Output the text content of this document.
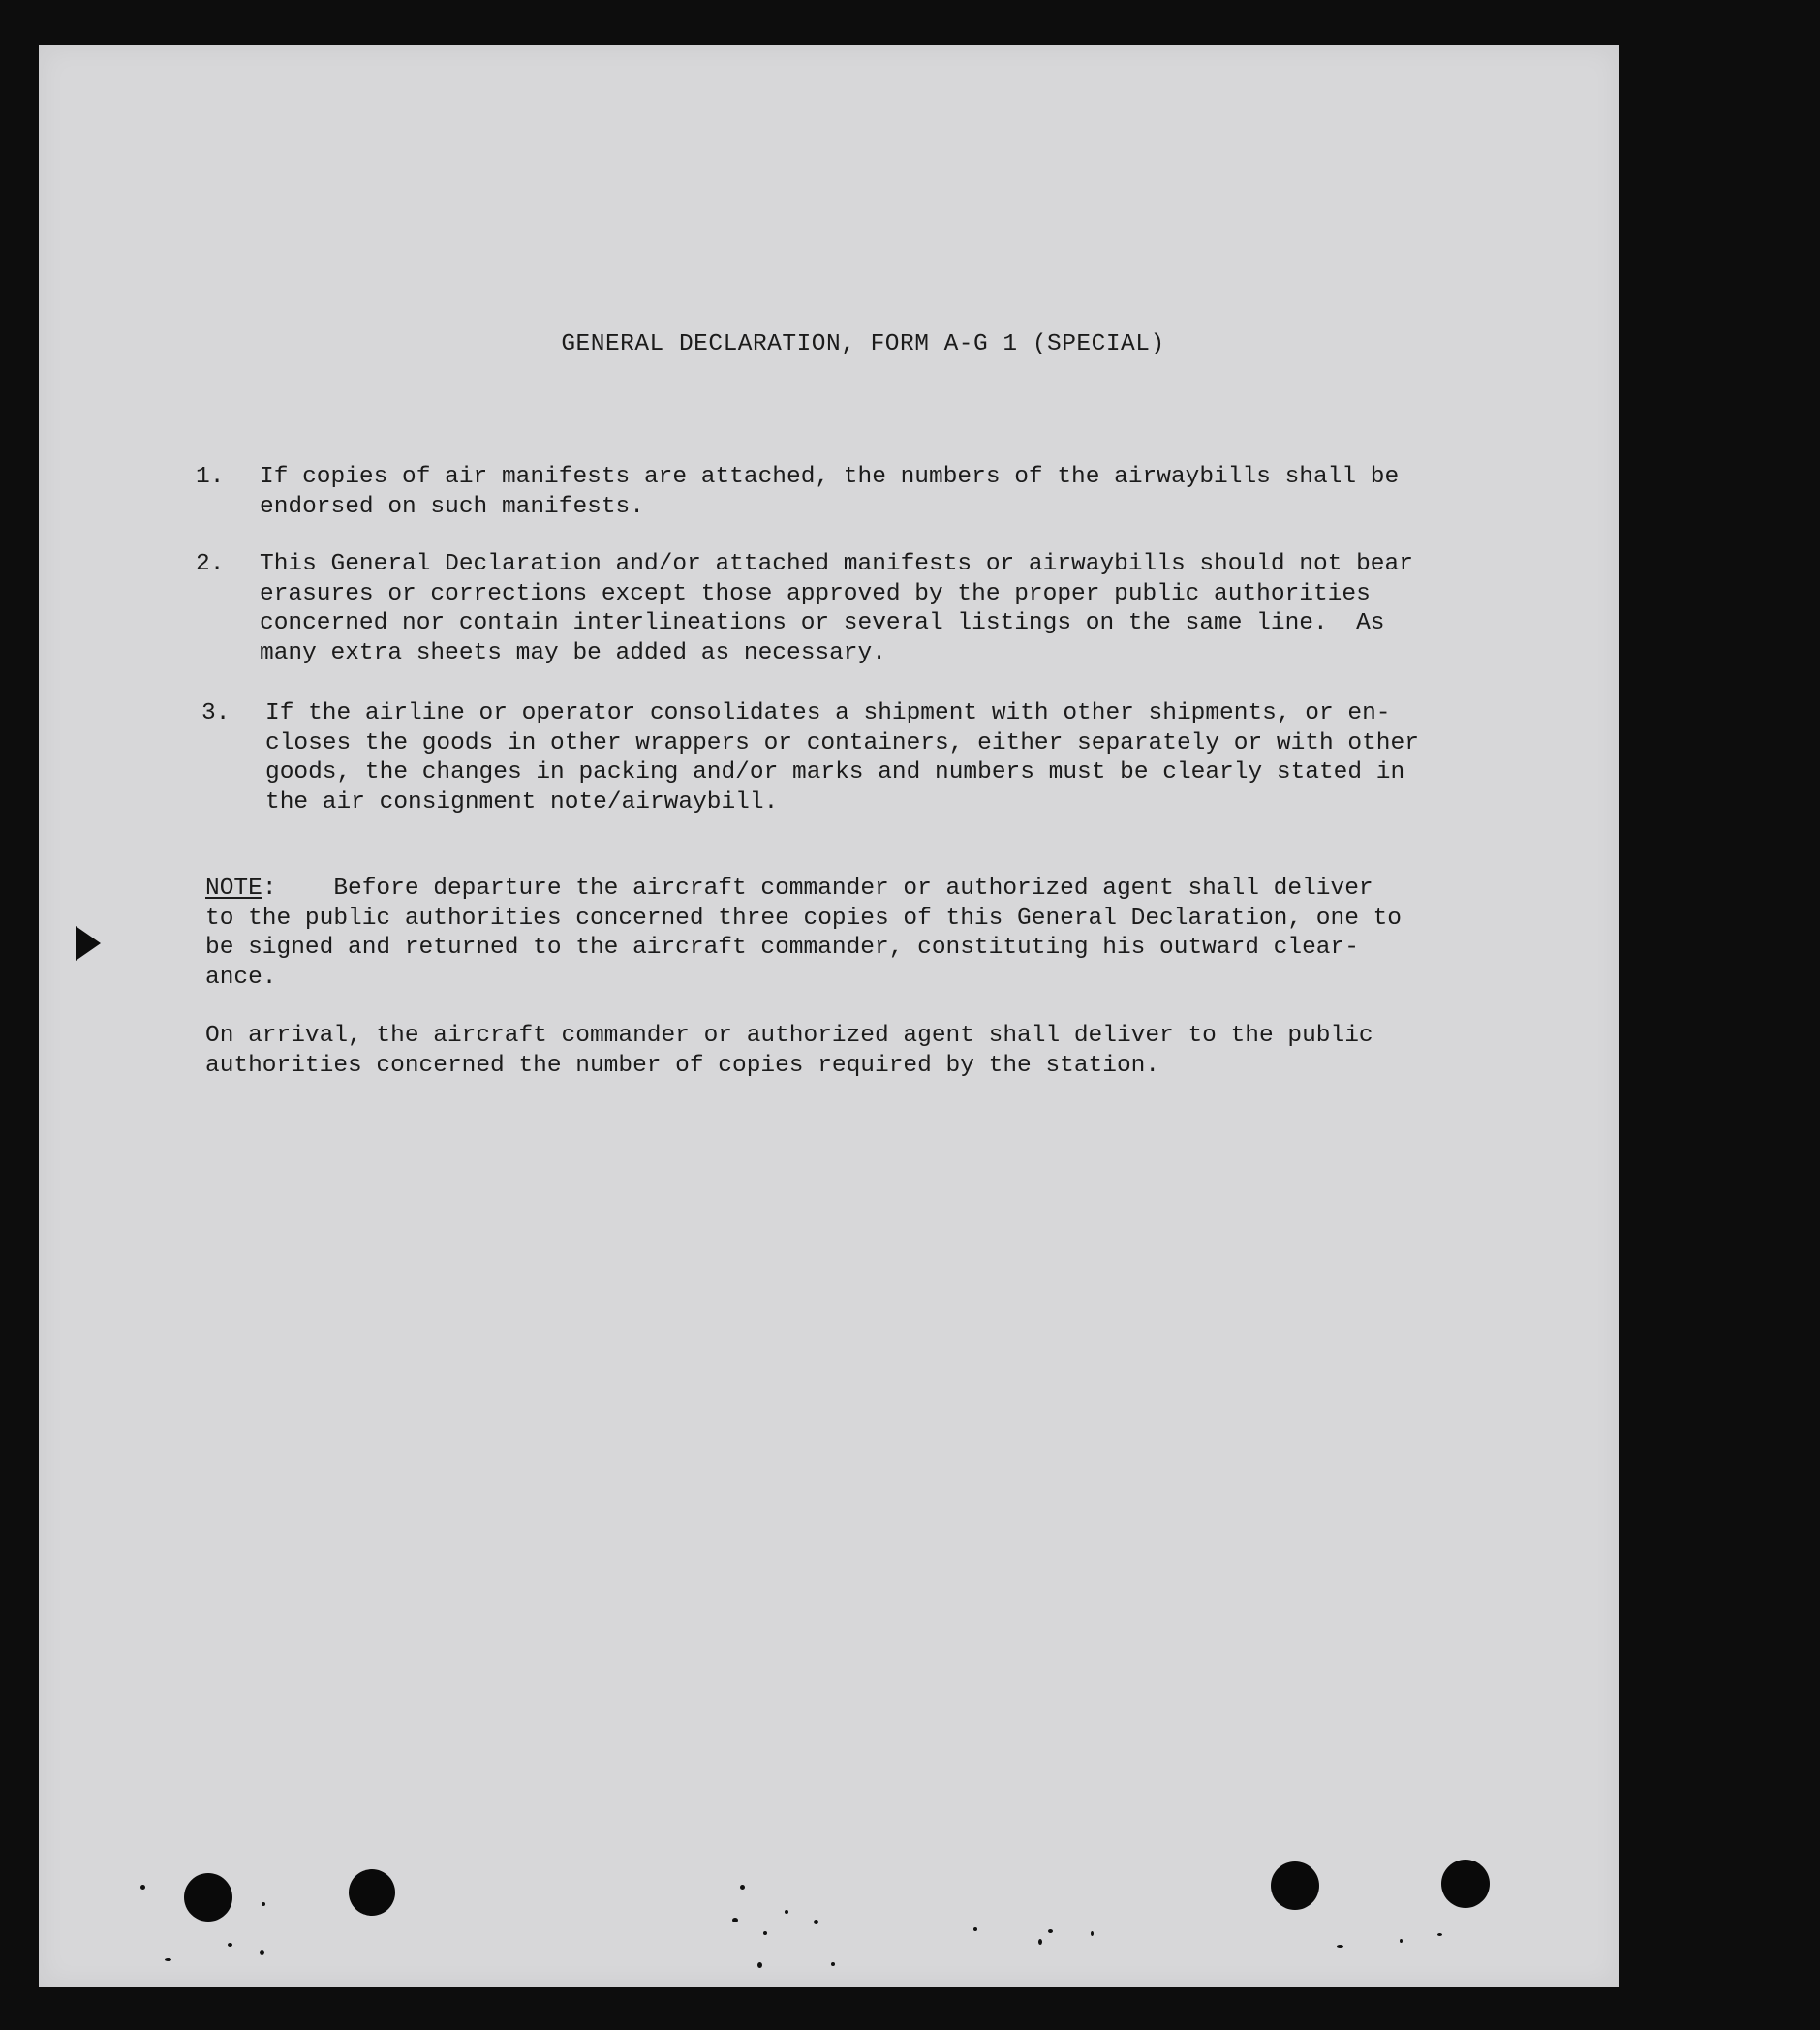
GENERAL DECLARATION, FORM A-G 1 (SPECIAL)
1. If copies of air manifests are attached, the numbers of the airwaybills shall be
endorsed on such manifests.
2. This General Declaration and/or attached manifests or airwaybills should not bear
erasures or corrections except those approved by the proper public authorities
concerned nor contain interlineations or several listings on the same line.  As
many extra sheets may be added as necessary.
3. If the airline or operator consolidates a shipment with other shipments, or en-
closes the goods in other wrappers or containers, either separately or with other
goods, the changes in packing and/or marks and numbers must be clearly stated in
the air consignment note/airwaybill.
NOTE:    Before departure the aircraft commander or authorized agent shall deliver
to the public authorities concerned three copies of this General Declaration, one to
be signed and returned to the aircraft commander, constituting his outward clear-
ance.
On arrival, the aircraft commander or authorized agent shall deliver to the public
authorities concerned the number of copies required by the station.
